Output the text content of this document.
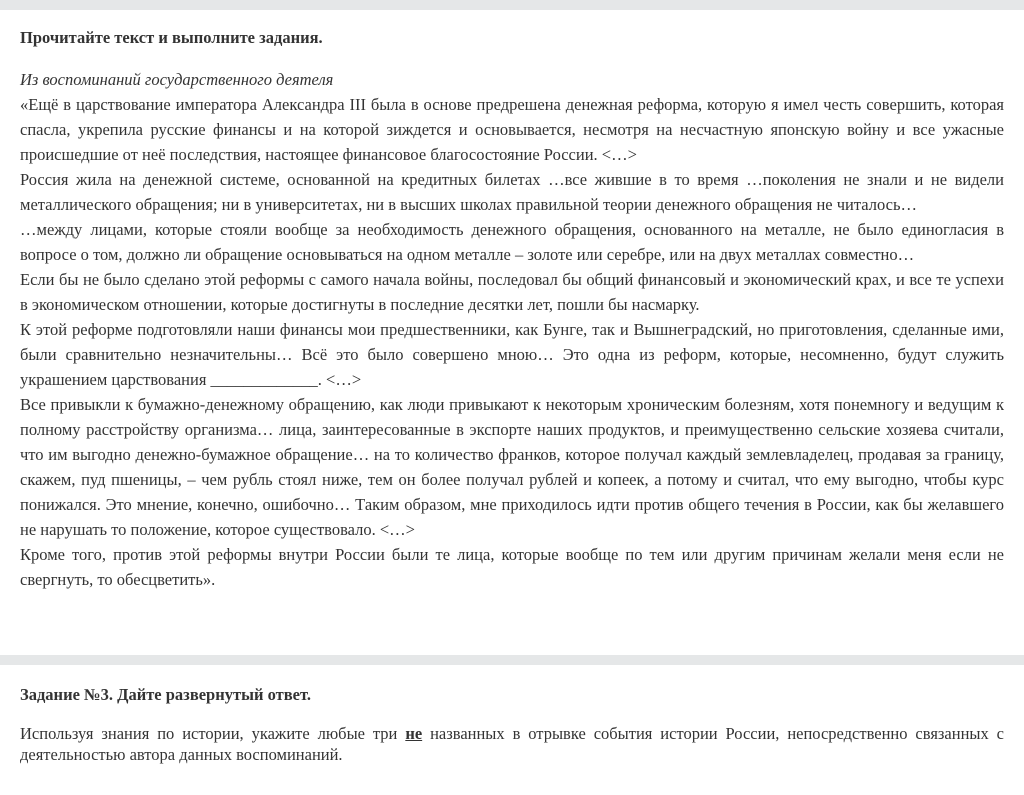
Прочитайте текст и выполните задания.

Из воспоминаний государственного деятеля

«Ещё в царствование императора Александра III была в основе предрешена денежная реформа, которую я имел честь совершить, которая спасла, укрепила русские финансы и на которой зиждется и основывается, несмотря на несчастную японскую войну и все ужасные происшедшие от неё последствия, настоящее финансовое благосостояние России. <…>

Россия жила на денежной системе, основанной на кредитных билетах …все жившие в то время …поколения не знали и не видели металлического обращения; ни в университетах, ни в высших школах правильной теории денежного обращения не читалось…

…между лицами, которые стояли вообще за необходимость денежного обращения, основанного на металле, не было единогласия в вопросе о том, должно ли обращение основываться на одном металле – золоте или серебре, или на двух металлах совместно…

Если бы не было сделано этой реформы с самого начала войны, последовал бы общий финансовый и экономический крах, и все те успехи в экономическом отношении, которые достигнуты в последние десятки лет, пошли бы насмарку.

К этой реформе подготовляли наши финансы мои предшественники, как Бунге, так и Вышнеградский, но приготовления, сделанные ими, были сравнительно незначительны… Всё это было совершено мною… Это одна из реформ, которые, несомненно, будут служить украшением царствования _____________. <…>

Все привыкли к бумажно-денежному обращению, как люди привыкают к некоторым хроническим болезням, хотя понемногу и ведущим к полному расстройству организма… лица, заинтересованные в экспорте наших продуктов, и преимущественно сельские хозяева считали, что им выгодно денежно-бумажное обращение… на то количество франков, которое получал каждый землевладелец, продавая за границу, скажем, пуд пшеницы, – чем рубль стоял ниже, тем он более получал рублей и копеек, а потому и считал, что ему выгодно, чтобы курс понижался. Это мнение, конечно, ошибочно… Таким образом, мне приходилось идти против общего течения в России, как бы желавшего не нарушать то положение, которое существовало. <…>

Кроме того, против этой реформы внутри России были те лица, которые вообще по тем или другим причинам желали меня если не свергнуть, то обесцветить».

Задание №3. Дайте развернутый ответ.

Используя знания по истории, укажите любые три не названных в отрывке события истории России, непосредственно связанных с деятельностью автора данных воспоминаний.
